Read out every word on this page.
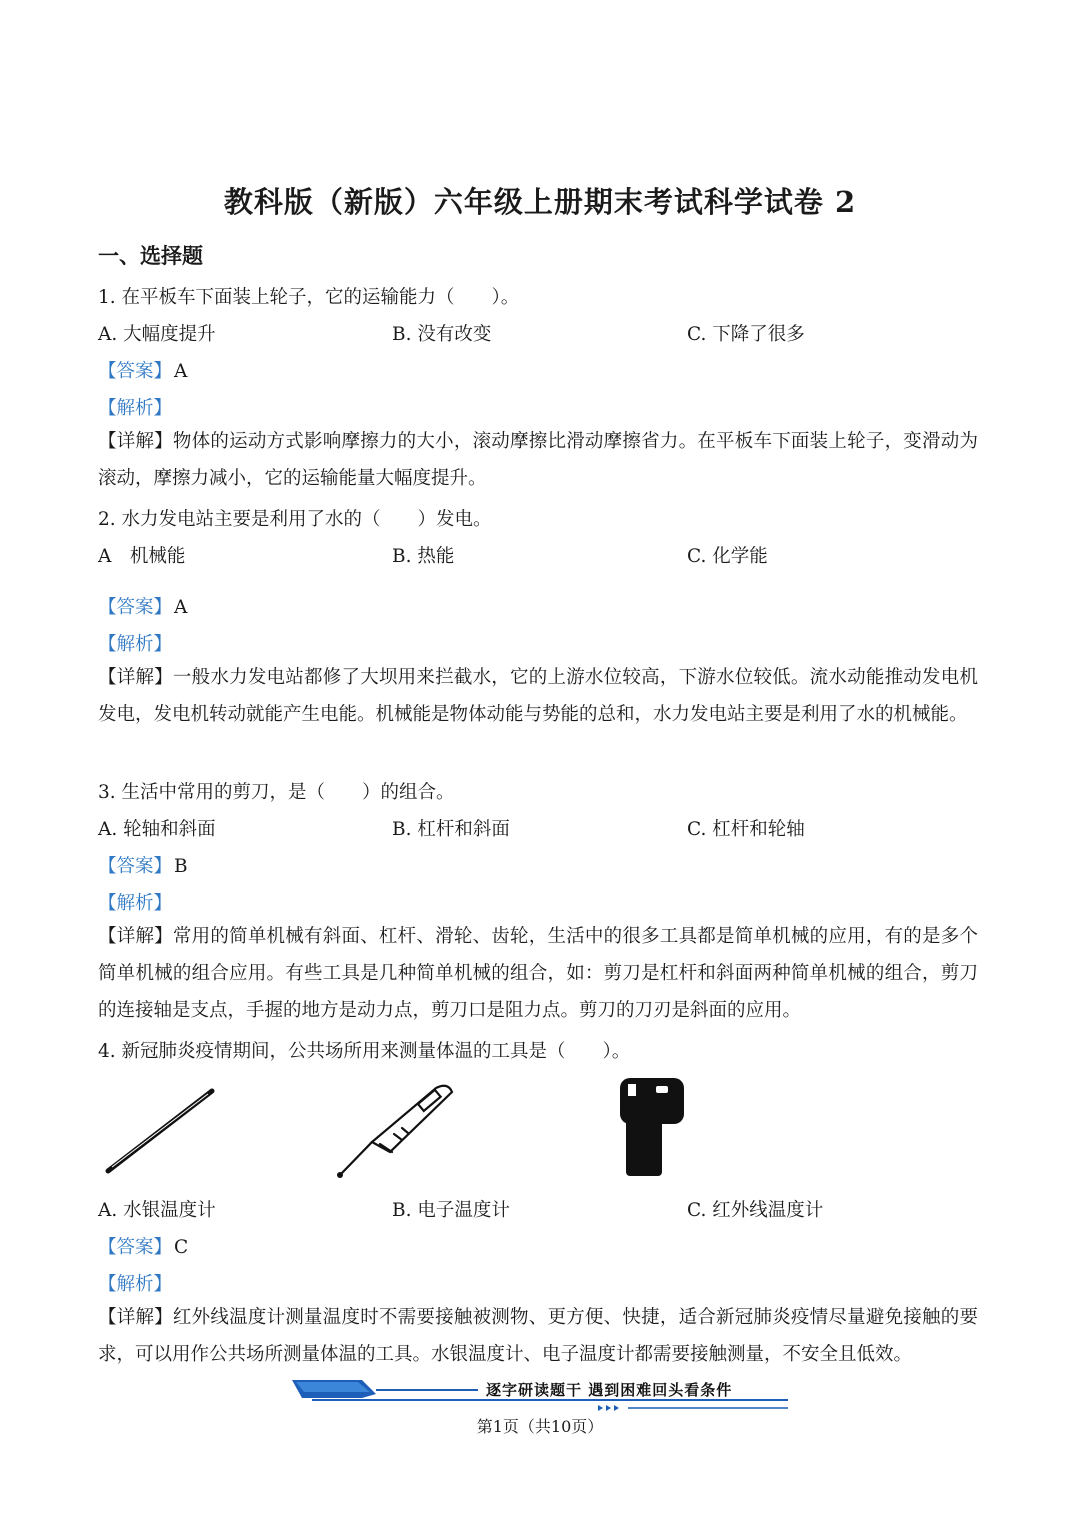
教科版（新版）六年级上册期末考试科学试卷 2
一、选择题
1. 在平板车下面装上轮子，它的运输能力（　　）。
A. 大幅度提升	B. 没有改变	C. 下降了很多
【答案】 A
【解析】
【详解】物体的运动方式影响摩擦力的大小，滚动摩擦比滑动摩擦省力。在平板车下面装上轮子，变滑动为滚动，摩擦力减小，它的运输能量大幅度提升。
2. 水力发电站主要是利用了水的（　　）发电。
A　机械能	B. 热能	C. 化学能
【答案】 A
【解析】
【详解】一般水力发电站都修了大坝用来拦截水，它的上游水位较高，下游水位较低。流水动能推动发电机发电，发电机转动就能产生电能。机械能是物体动能与势能的总和，水力发电站主要是利用了水的机械能。
3. 生活中常用的剪刀，是（　　）的组合。
A. 轮轴和斜面	B. 杠杆和斜面	C. 杠杆和轮轴
【答案】 B
【解析】
【详解】常用的简单机械有斜面、杠杆、滑轮、齿轮，生活中的很多工具都是简单机械的应用，有的是多个简单机械的组合应用。有些工具是几种简单机械的组合，如：剪刀是杠杆和斜面两种简单机械的组合，剪刀的连接轴是支点，手握的地方是动力点，剪刀口是阻力点。剪刀的刀刃是斜面的应用。
4. 新冠肺炎疫情期间，公共场所用来测量体温的工具是（　　）。
A. 水银温度计	B. 电子温度计	C. 红外线温度计
【答案】 C
【解析】
【详解】红外线温度计测量温度时不需要接触被测物、更方便、快捷，适合新冠肺炎疫情尽量避免接触的要求，可以用作公共场所测量体温的工具。水银温度计、电子温度计都需要接触测量，不安全且低效。
逐字研读题干 遇到困难回头看条件
第1页（共10页）
